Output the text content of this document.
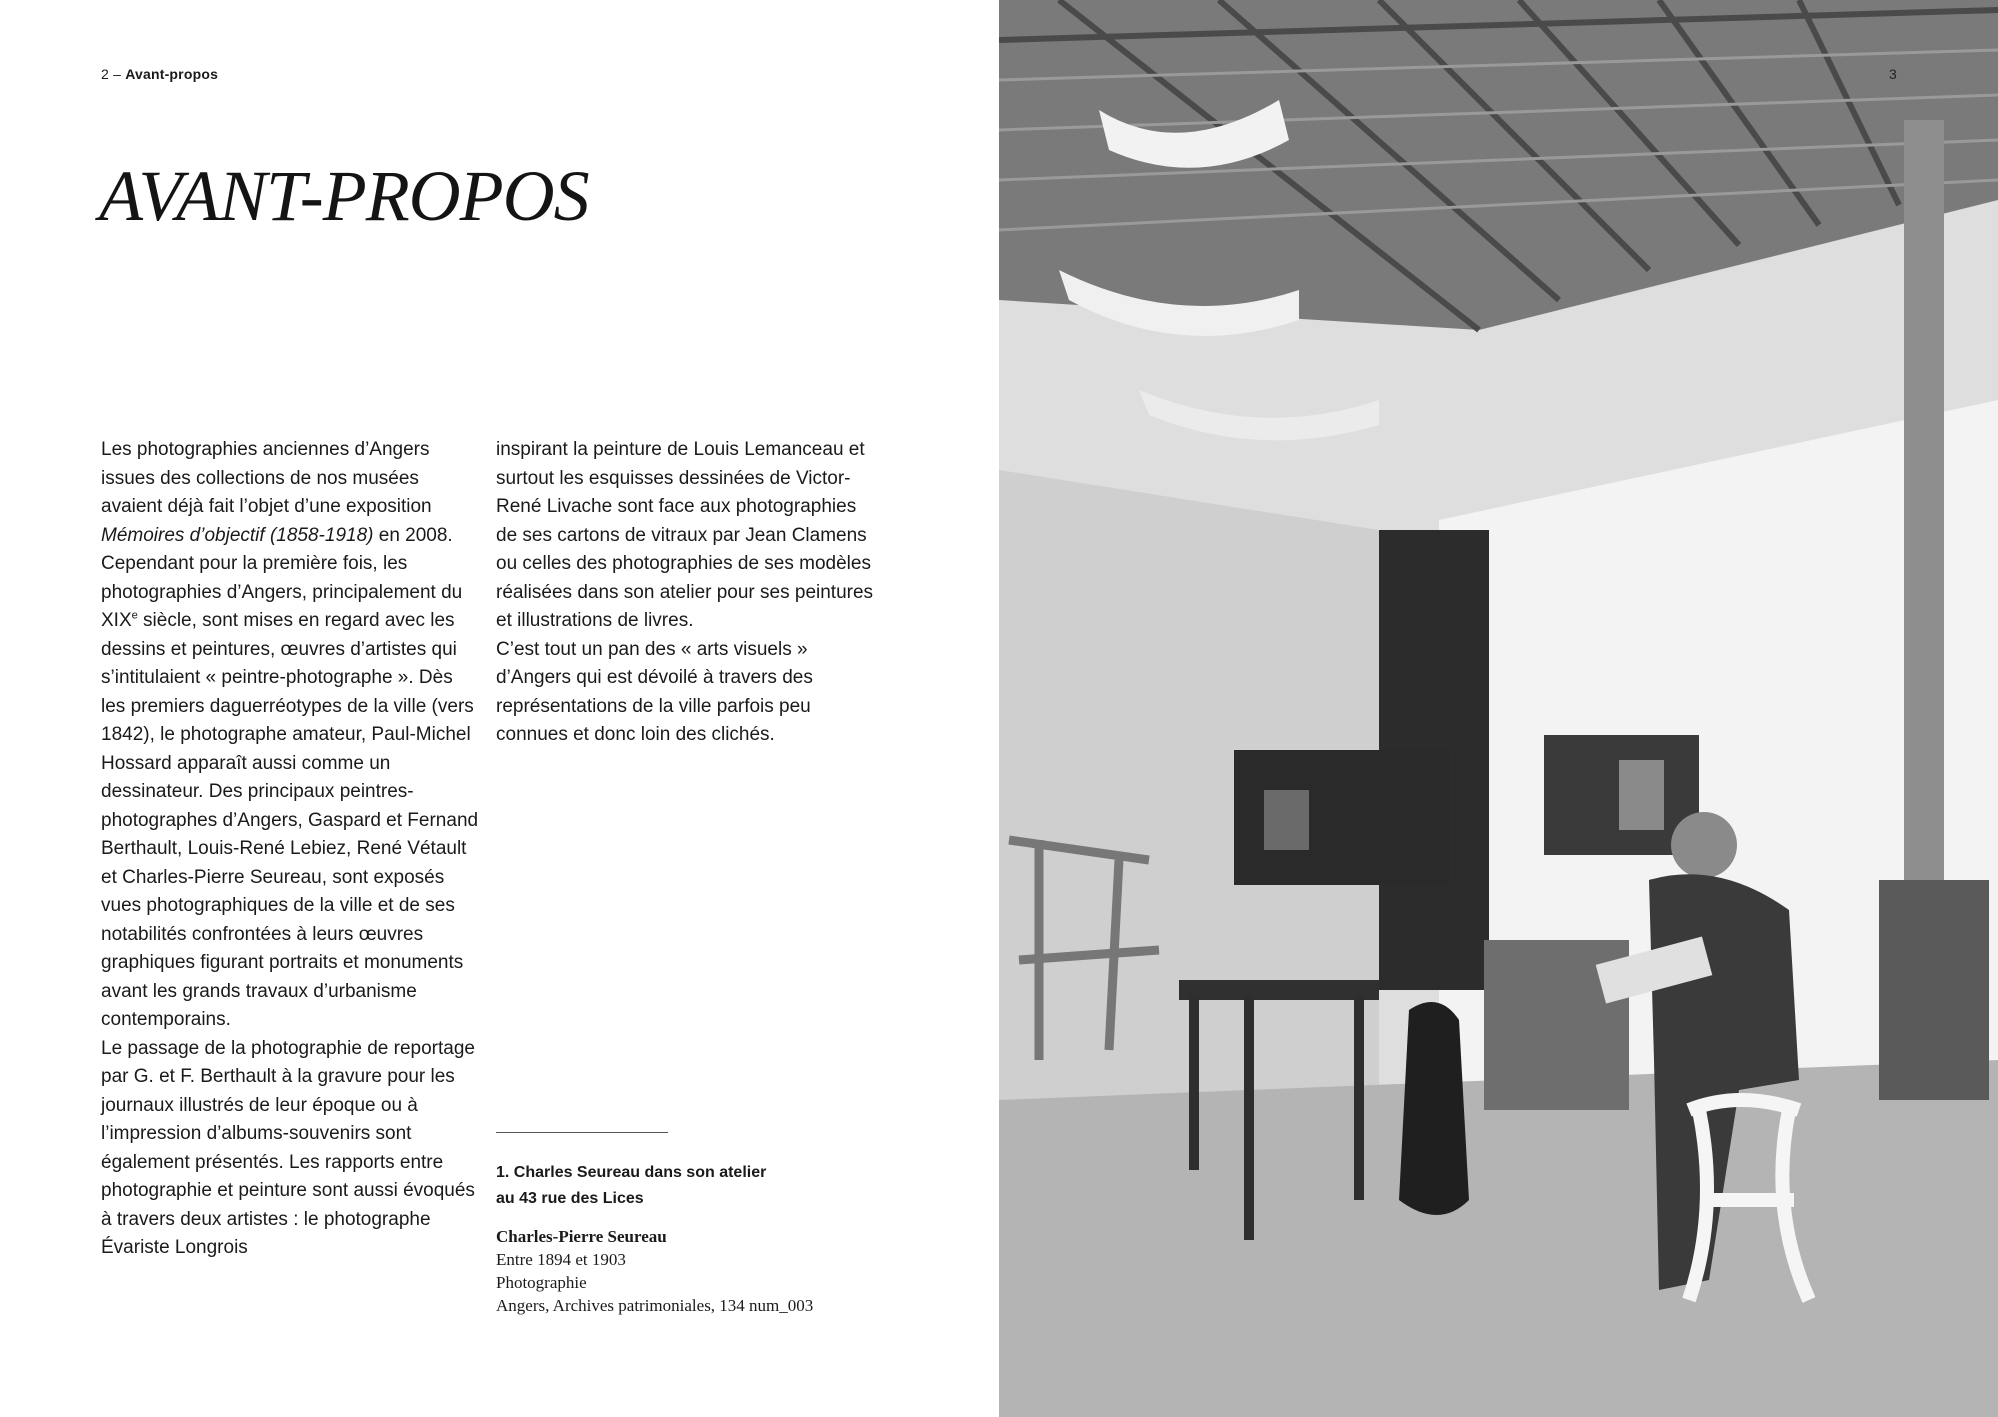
2 – Avant-propos
AVANT-PROPOS

Les photographies anciennes d’Angers issues des collections de nos musées avaient déjà fait l’objet d’une exposition Mémoires d’objectif (1858-1918) en 2008. Cependant pour la première fois, les photographies d’Angers, principalement du XIXe siècle, sont mises en regard avec les dessins et peintures, œuvres d’artistes qui s’intitulaient « peintre-photographe ». Dès les premiers daguerréotypes de la ville (vers 1842), le photographe amateur, Paul-Michel Hossard apparaît aussi comme un dessinateur. Des principaux peintres-photographes d’Angers, Gaspard et Fernand Berthault, Louis-René Lebiez, René Vétault et Charles-Pierre Seureau, sont exposés vues photographiques de la ville et de ses notabilités confrontées à leurs œuvres graphiques figurant portraits et monuments avant les grands travaux d’urbanisme contemporains.

Le passage de la photographie de reportage par G. et F. Berthault à la gravure pour les journaux illustrés de leur époque ou à l’impression d’albums-souvenirs sont également présentés. Les rapports entre photographie et peinture sont aussi évoqués à travers deux artistes : le photographe Évariste Longrois

inspirant la peinture de Louis Lemanceau et surtout les esquisses dessinées de Victor-René Livache sont face aux photographies de ses cartons de vitraux par Jean Clamens ou celles des photographies de ses modèles réalisées dans son atelier pour ses peintures et illustrations de livres.

C’est tout un pan des « arts visuels » d’Angers qui est dévoilé à travers des représentations de la ville parfois peu connues et donc loin des clichés.

1. Charles Seureau dans son atelier
au 43 rue des Lices
Charles-Pierre Seureau
Entre 1894 et 1903
Photographie
Angers, Archives patrimoniales, 134 num_003
3
